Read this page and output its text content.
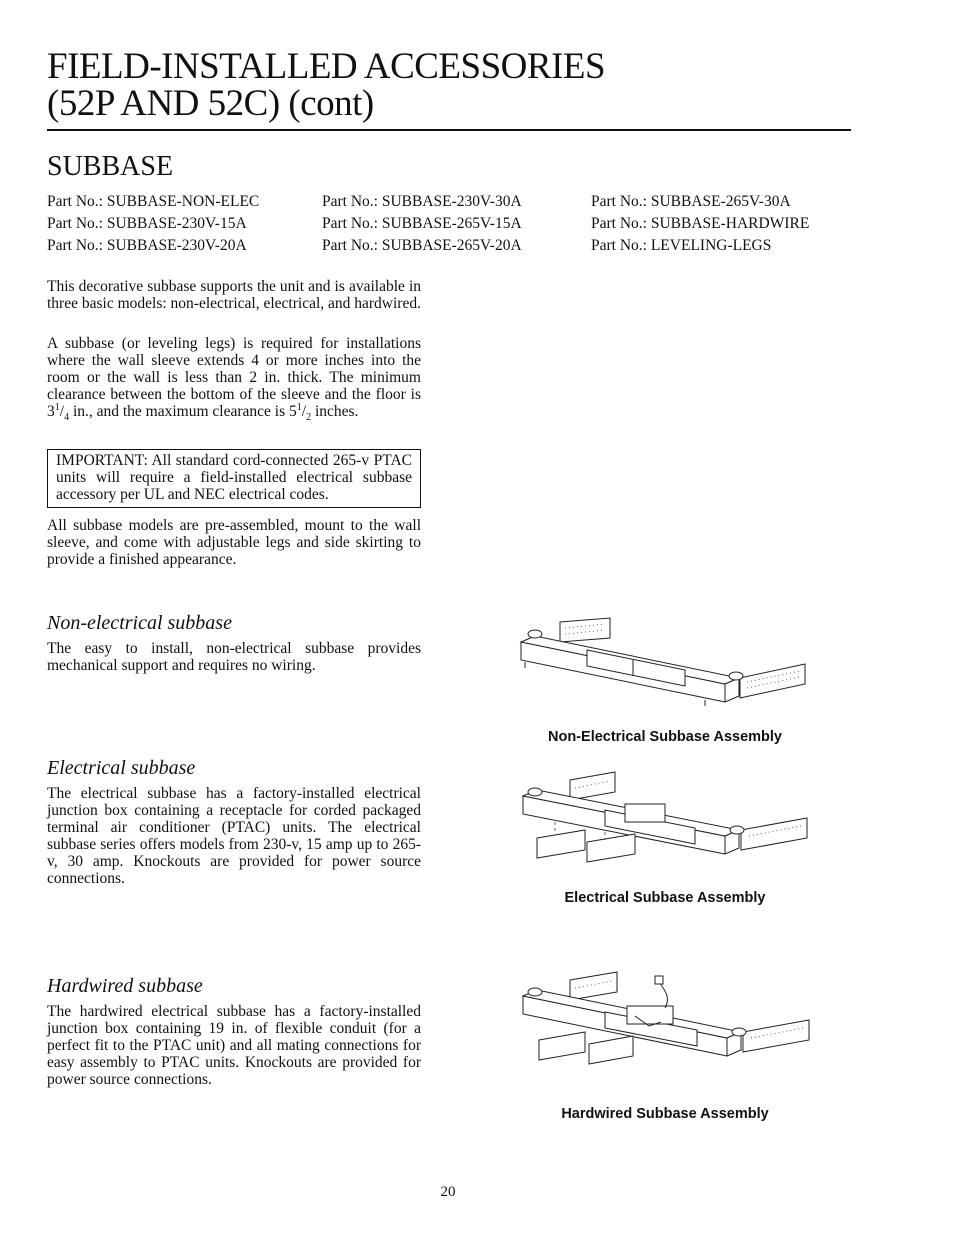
FIELD-INSTALLED ACCESSORIES
(52P AND 52C) (cont)
SUBBASE
Part No.: SUBBASE-NON-ELEC
Part No.: SUBBASE-230V-15A
Part No.: SUBBASE-230V-20A
Part No.: SUBBASE-230V-30A
Part No.: SUBBASE-265V-15A
Part No.: SUBBASE-265V-20A
Part No.: SUBBASE-265V-30A
Part No.: SUBBASE-HARDWIRE
Part No.: LEVELING-LEGS

This decorative subbase supports the unit and is available in three basic models: non-electrical, electrical, and hardwired.

A subbase (or leveling legs) is required for installations where the wall sleeve extends 4 or more inches into the room or the wall is less than 2 in. thick. The minimum clearance between the bottom of the sleeve and the floor is $3^1/_4$ in., and the maximum clearance is $5^1/_2$ inches.

IMPORTANT: All standard cord-connected 265-v PTAC units will require a field-installed electrical subbase accessory per UL and NEC electrical codes.

All subbase models are pre-assembled, mount to the wall sleeve, and come with adjustable legs and side skirting to provide a finished appearance.

Non-electrical subbase

The easy to install, non-electrical subbase provides mechanical support and requires no wiring.

Non-Electrical Subbase Assembly
Electrical subbase

The electrical subbase has a factory-installed electrical junction box containing a receptacle for corded packaged terminal air conditioner (PTAC) units. The electrical subbase series offers models from 230-v, 15 amp up to 265-v, 30 amp. Knockouts are provided for power source connections.

Electrical Subbase Assembly
Hardwired subbase

The hardwired electrical subbase has a factory-installed junction box containing 19 in. of flexible conduit (for a perfect fit to the PTAC unit) and all mating connections for easy assembly to PTAC units. Knockouts are provided for power source connections.

Hardwired Subbase Assembly
20
